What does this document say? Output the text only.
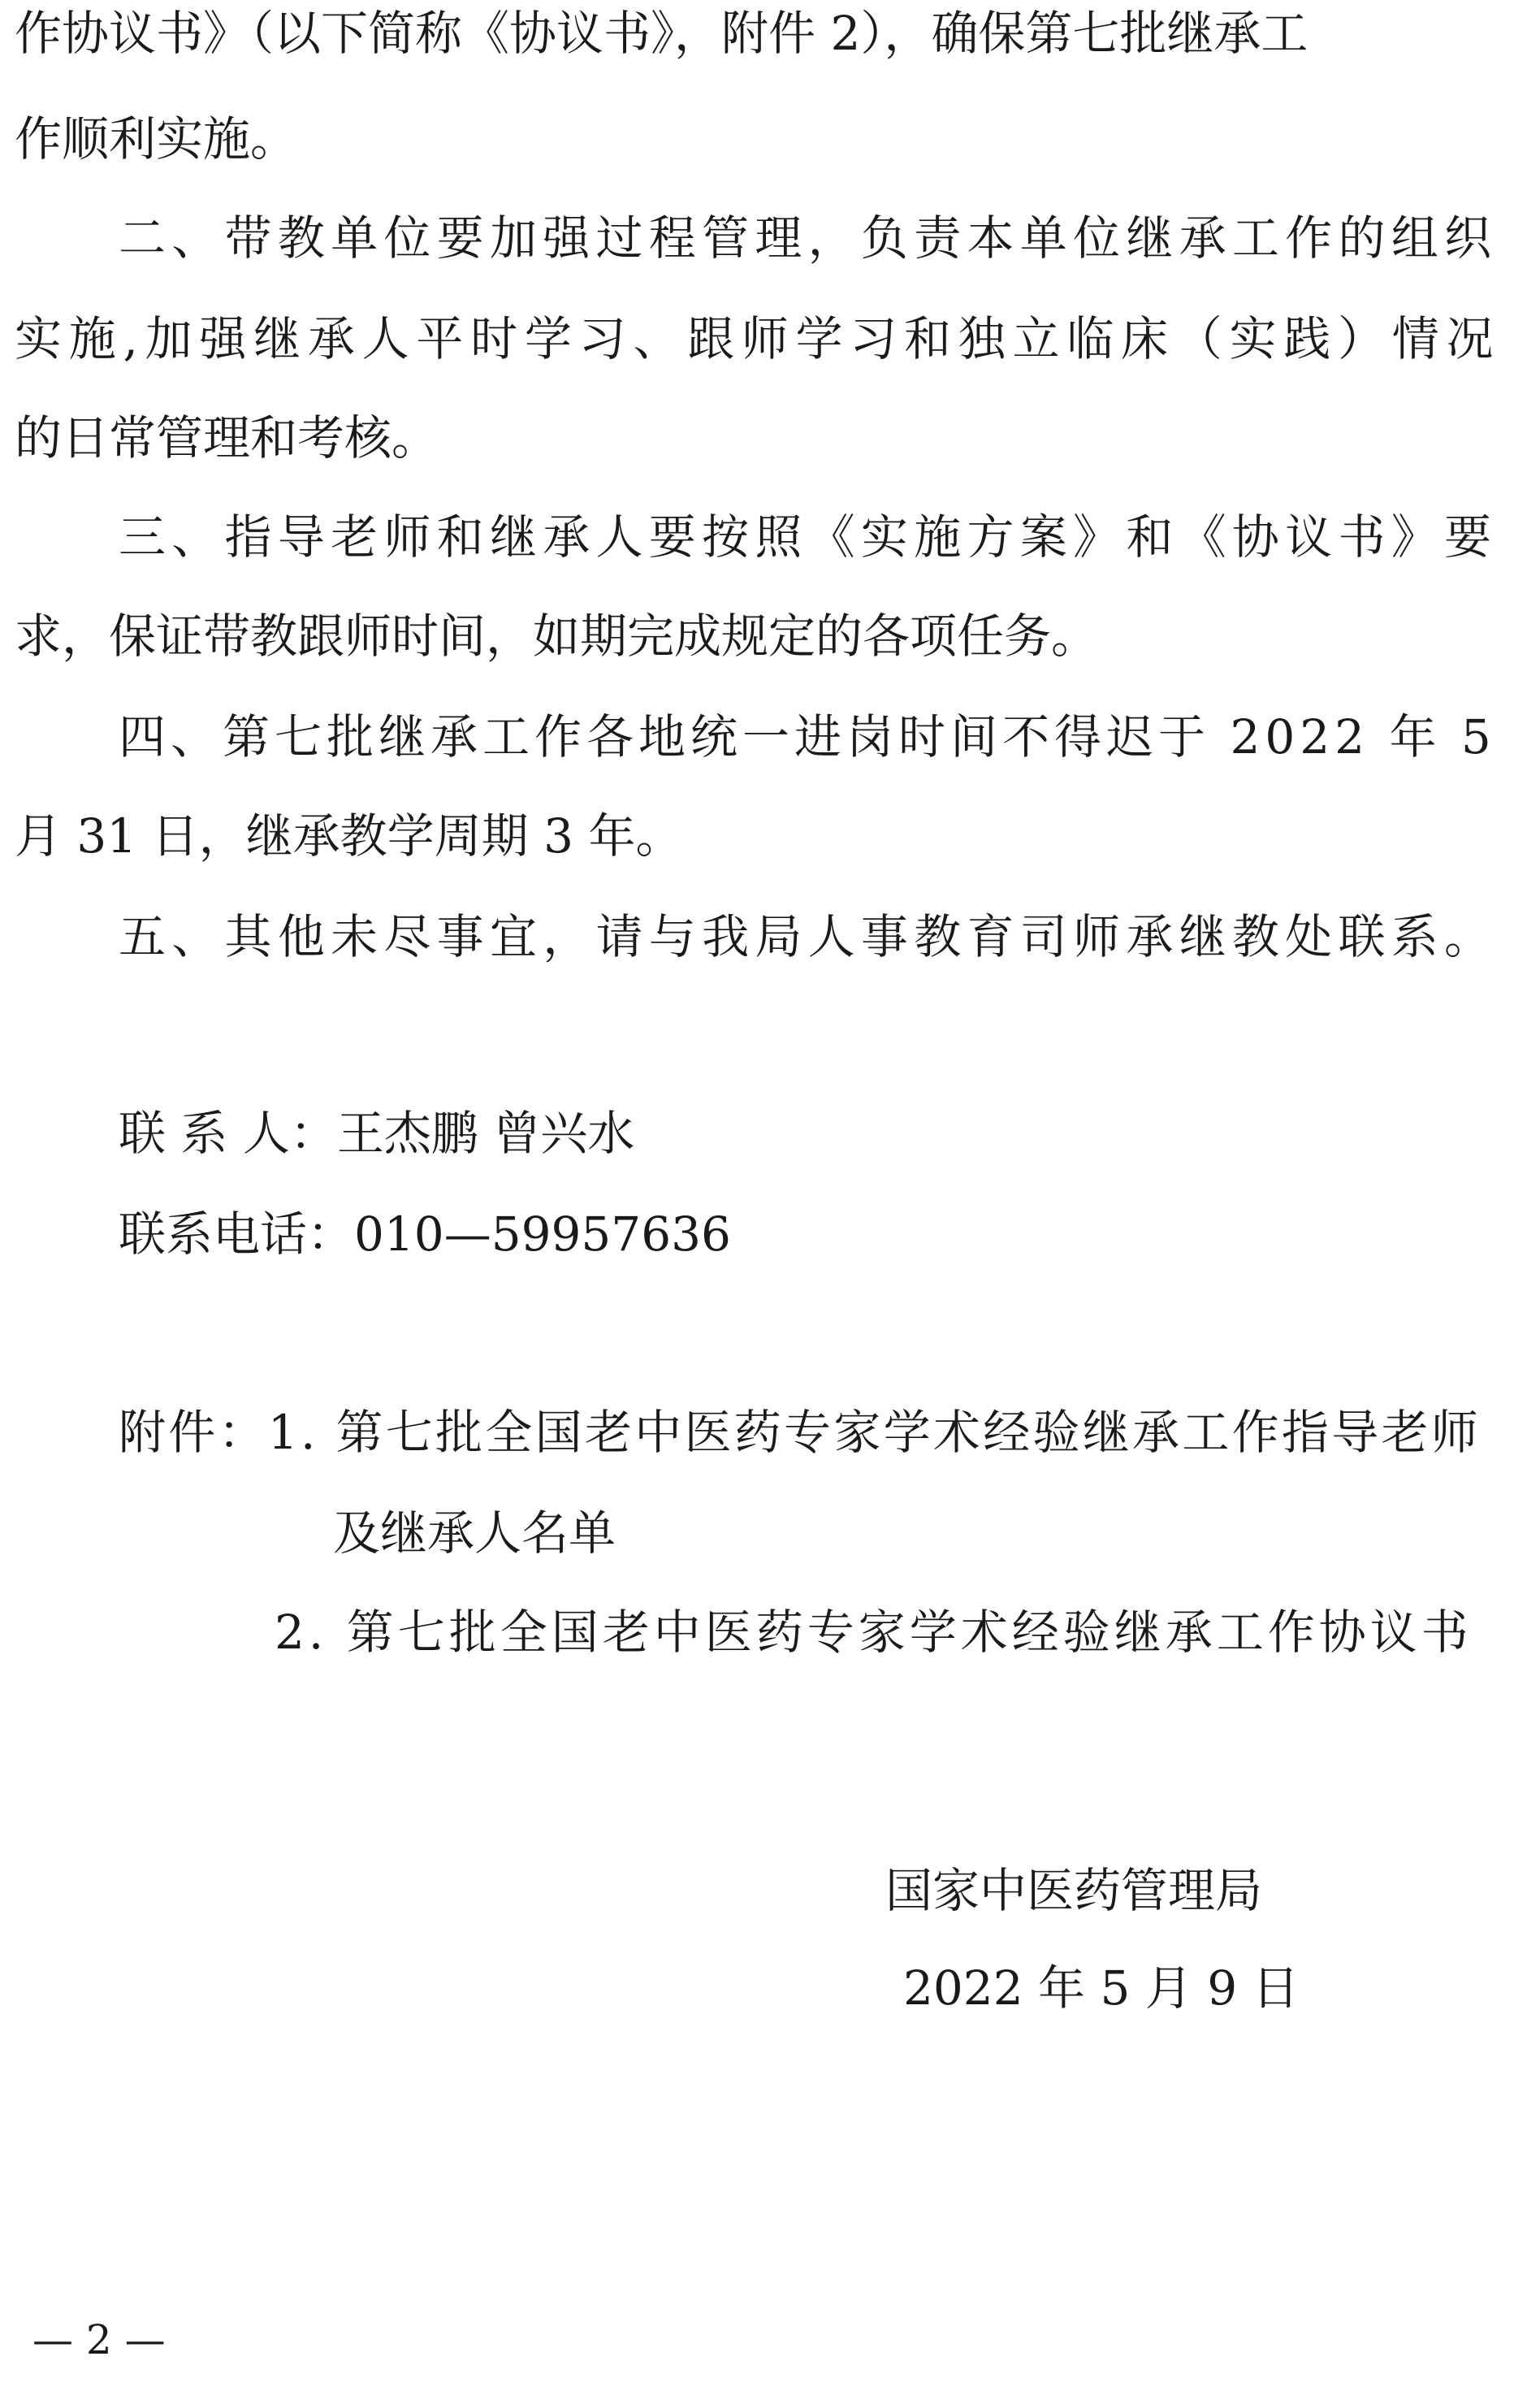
作协议书》（以下简称《协议书》，附件 2），确保第七批继承工
作顺利实施。
二、带教单位要加强过程管理，负责本单位继承工作的组织
实施,加强继承人平时学习、跟师学习和独立临床（实践）情况
的日常管理和考核。
三、指导老师和继承人要按照《实施方案》和《协议书》要
求，保证带教跟师时间，如期完成规定的各项任务。
四、第七批继承工作各地统一进岗时间不得迟于 2022 年 5
月 31 日，继承教学周期 3 年。
五、其他未尽事宜，请与我局人事教育司师承继教处联系。
联 系 人：王杰鹏 曾兴水
联系电话：010—59957636
附件：1. 第七批全国老中医药专家学术经验继承工作指导老师
及继承人名单
2. 第七批全国老中医药专家学术经验继承工作协议书
国家中医药管理局
2022 年 5 月 9 日
— 2 —
